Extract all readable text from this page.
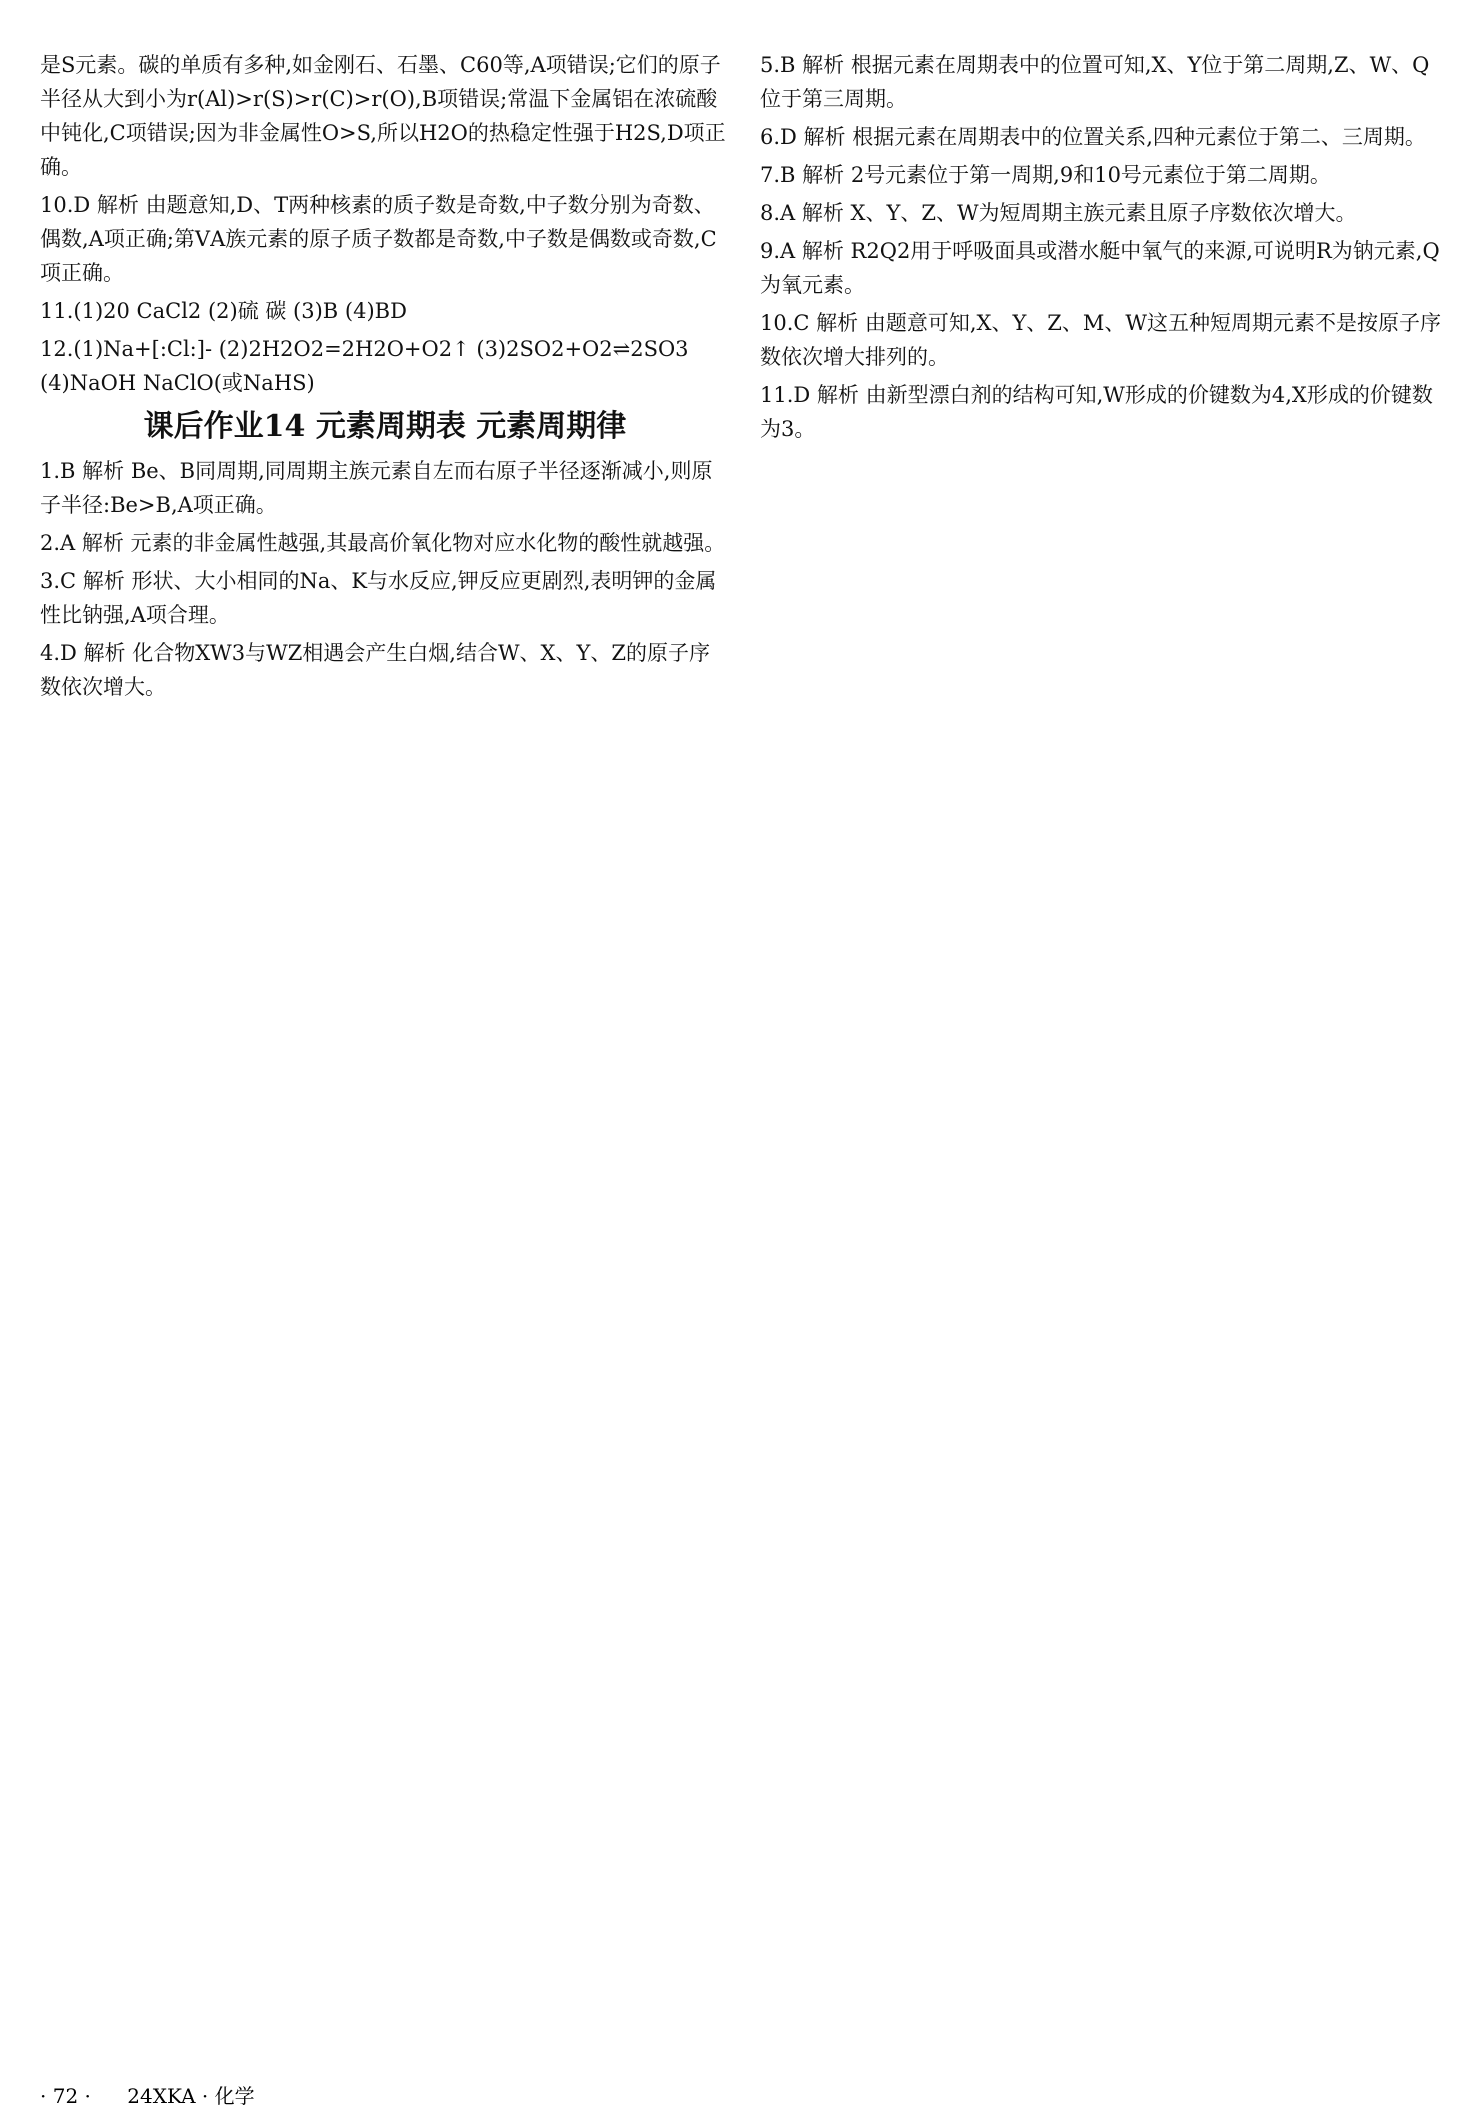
是S元素。碳的单质有多种,如金刚石、石墨、C60等,A项错误;它们的原子半径从大到小为r(Al)>r(S)>r(C)>r(O),B项错误;常温下金属铝在浓硫酸中钝化,C项错误;因为非金属性O>S,所以H2O的热稳定性强于H2S,D项正确。

10.D 解析 由题意知,D、T两种核素的质子数是奇数,中子数分别为奇数、偶数,A项正确;第ⅤA族元素的原子质子数都是奇数,中子数是偶数或奇数,C项正确。

11.(1)20 CaCl2 (2)硫 碳 (3)B (4)BD

12.(1)Na+[:Cl:]- (2)2H2O2=2H2O+O2↑ (3)2SO2+O2⇌2SO3 (4)NaOH NaClO(或NaHS)

课后作业14 元素周期表 元素周期律

1.B 解析 Be、B同周期,同周期主族元素自左而右原子半径逐渐减小,则原子半径:Be>B,A项正确。

2.A 解析 元素的非金属性越强,其最高价氧化物对应水化物的酸性就越强。

3.C 解析 形状、大小相同的Na、K与水反应,钾反应更剧烈,表明钾的金属性比钠强,A项合理。

4.D 解析 化合物XW3与WZ相遇会产生白烟,结合W、X、Y、Z的原子序数依次增大。

5.B 解析 根据元素在周期表中的位置可知,X、Y位于第二周期,Z、W、Q位于第三周期。

6.D 解析 根据元素在周期表中的位置关系,四种元素位于第二、三周期。

7.B 解析 2号元素位于第一周期,9和10号元素位于第二周期。

8.A 解析 X、Y、Z、W为短周期主族元素且原子序数依次增大。

9.A 解析 R2Q2用于呼吸面具或潜水艇中氧气的来源,可说明R为钠元素,Q为氧元素。

10.C 解析 由题意可知,X、Y、Z、M、W这五种短周期元素不是按原子序数依次增大排列的。

11.D 解析 由新型漂白剂的结构可知,W形成的价键数为4,X形成的价键数为3。

· 72 · 24XKA · 化学
